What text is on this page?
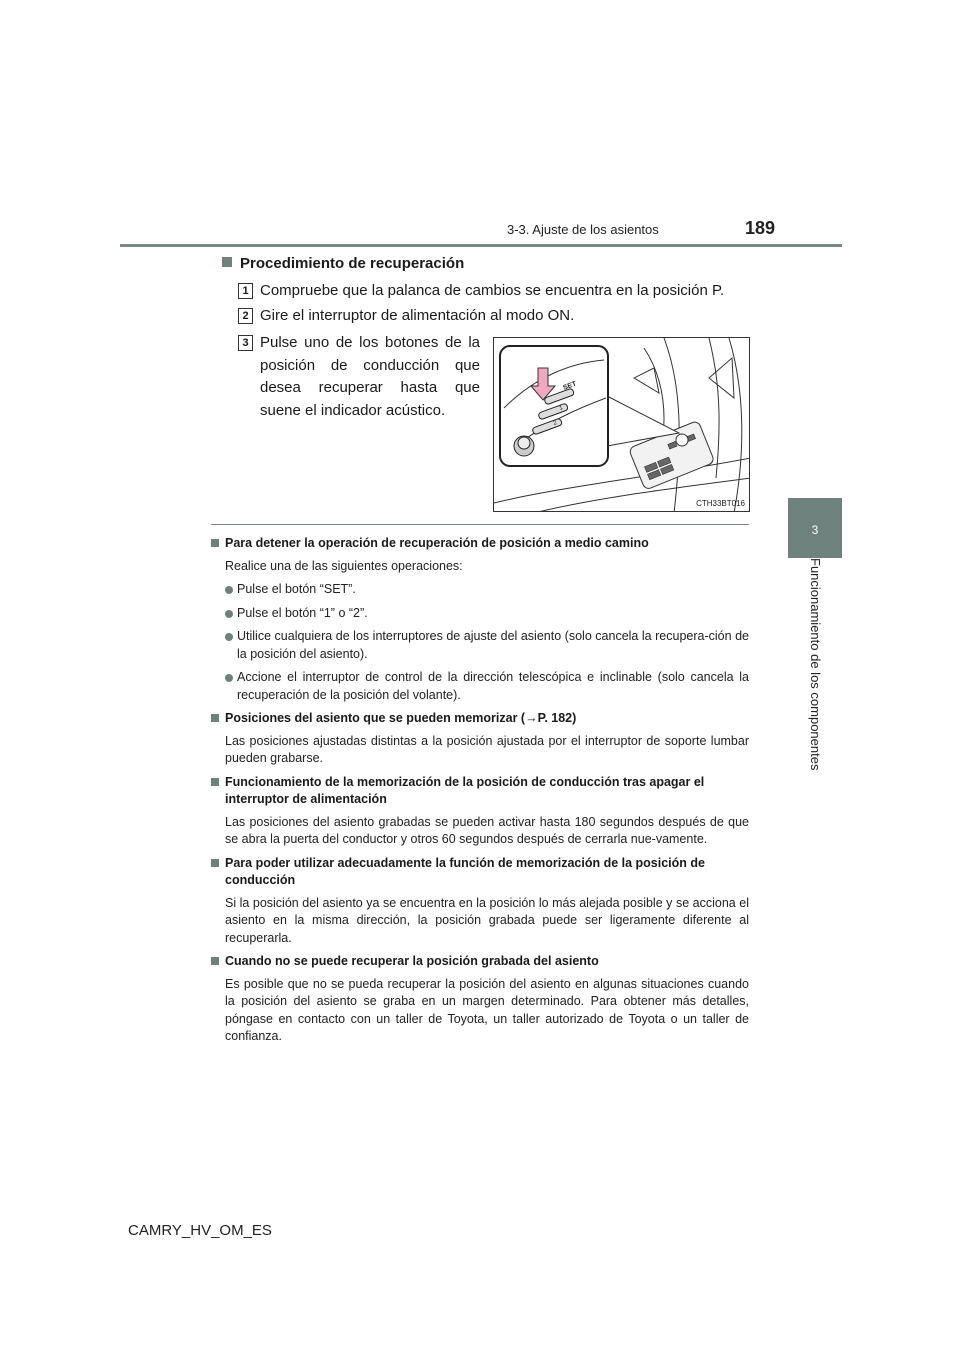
3-3. Ajuste de los asientos	189
3
Funcionamiento de los componentes
Procedimiento de recuperación
1 Compruebe que la palanca de cambios se encuentra en la posición P.
2 Gire el interruptor de alimentación al modo ON.
3 Pulse uno de los botones de la posición de conducción que desea recuperar hasta que suene el indicador acústico.
SET
1
2
CTH33BT016
Para detener la operación de recuperación de posición a medio camino
Realice una de las siguientes operaciones:
Pulse el botón “SET”.
Pulse el botón “1” o “2”.
Utilice cualquiera de los interruptores de ajuste del asiento (solo cancela la recupera-ción de la posición del asiento).
Accione el interruptor de control de la dirección telescópica e inclinable (solo cancela la recuperación de la posición del volante).
Posiciones del asiento que se pueden memorizar (→P. 182)
Las posiciones ajustadas distintas a la posición ajustada por el interruptor de soporte lumbar pueden grabarse.
Funcionamiento de la memorización de la posición de conducción tras apagar el interruptor de alimentación
Las posiciones del asiento grabadas se pueden activar hasta 180 segundos después de que se abra la puerta del conductor y otros 60 segundos después de cerrarla nue-vamente.
Para poder utilizar adecuadamente la función de memorización de la posición de conducción
Si la posición del asiento ya se encuentra en la posición lo más alejada posible y se acciona el asiento en la misma dirección, la posición grabada puede ser ligeramente diferente al recuperarla.
Cuando no se puede recuperar la posición grabada del asiento
Es posible que no se pueda recuperar la posición del asiento en algunas situaciones cuando la posición del asiento se graba en un margen determinado. Para obtener más detalles, póngase en contacto con un taller de Toyota, un taller autorizado de Toyota o un taller de confianza.
CAMRY_HV_OM_ES
